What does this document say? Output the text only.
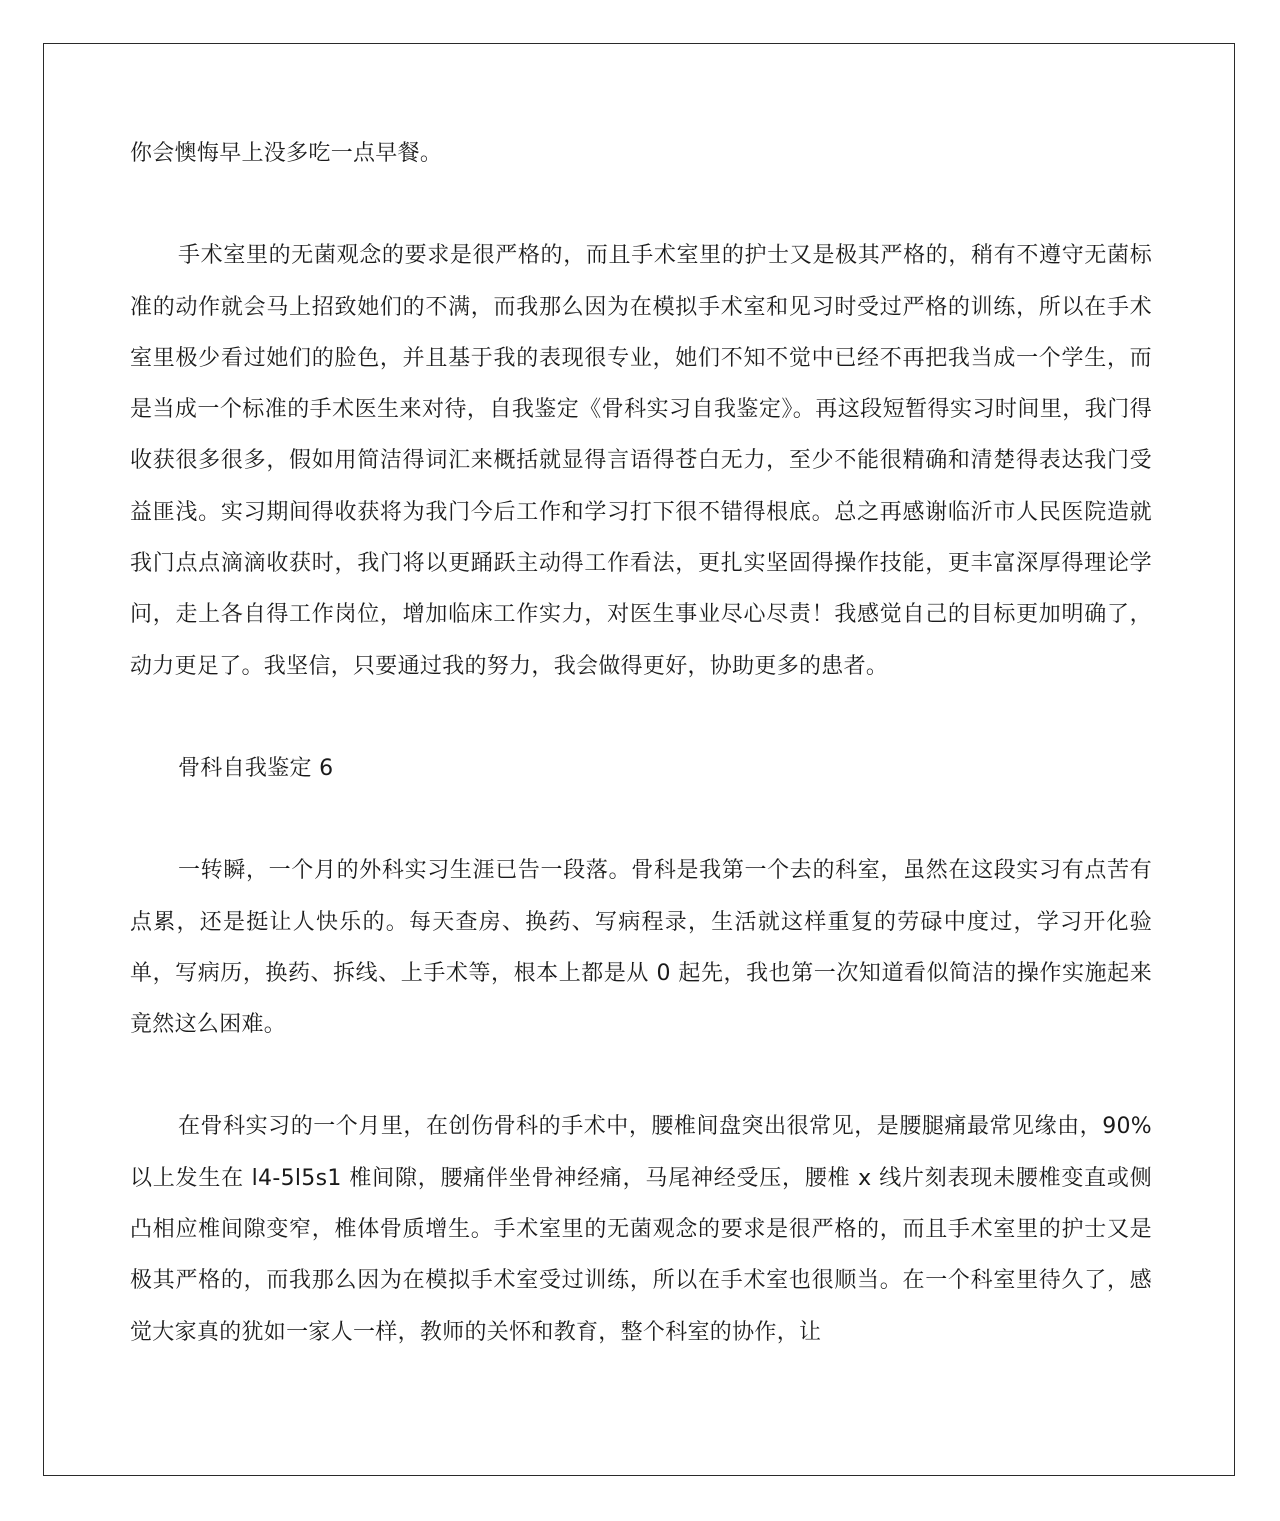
你会懊悔早上没多吃一点早餐。

手术室里的无菌观念的要求是很严格的，而且手术室里的护士又是极其严格的，稍有不遵守无菌标准的动作就会马上招致她们的不满，而我那么因为在模拟手术室和见习时受过严格的训练，所以在手术室里极少看过她们的脸色，并且基于我的表现很专业，她们不知不觉中已经不再把我当成一个学生，而是当成一个标准的手术医生来对待，自我鉴定《骨科实习自我鉴定》。再这段短暂得实习时间里，我门得收获很多很多，假如用简洁得词汇来概括就显得言语得苍白无力，至少不能很精确和清楚得表达我门受益匪浅。实习期间得收获将为我门今后工作和学习打下很不错得根底。总之再感谢临沂市人民医院造就我门点点滴滴收获时，我门将以更踊跃主动得工作看法，更扎实坚固得操作技能，更丰富深厚得理论学问，走上各自得工作岗位，增加临床工作实力，对医生事业尽心尽责！我感觉自己的目标更加明确了，动力更足了。我坚信，只要通过我的努力，我会做得更好，协助更多的患者。

骨科自我鉴定 6

一转瞬，一个月的外科实习生涯已告一段落。骨科是我第一个去的科室，虽然在这段实习有点苦有点累，还是挺让人快乐的。每天查房、换药、写病程录，生活就这样重复的劳碌中度过，学习开化验单，写病历，换药、拆线、上手术等，根本上都是从 0 起先，我也第一次知道看似简洁的操作实施起来竟然这么困难。

在骨科实习的一个月里，在创伤骨科的手术中，腰椎间盘突出很常见，是腰腿痛最常见缘由，90%以上发生在 l4-5l5s1 椎间隙，腰痛伴坐骨神经痛，马尾神经受压，腰椎 x 线片刻表现未腰椎变直或侧凸相应椎间隙变窄，椎体骨质增生。手术室里的无菌观念的要求是很严格的，而且手术室里的护士又是极其严格的，而我那么因为在模拟手术室受过训练，所以在手术室也很顺当。在一个科室里待久了，感觉大家真的犹如一家人一样，教师的关怀和教育，整个科室的协作，让
